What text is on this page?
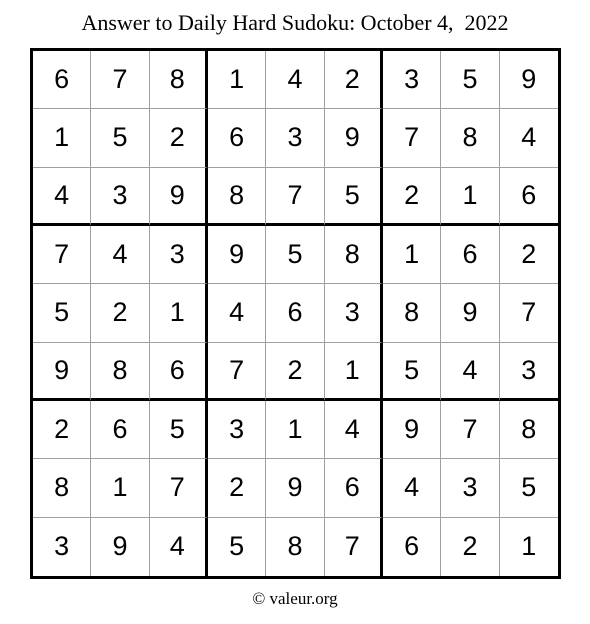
Answer to Daily Hard Sudoku: October 4,  2022
6	7	8	1	4	2	3	5	9
1	5	2	6	3	9	7	8	4
4	3	9	8	7	5	2	1	6
7	4	3	9	5	8	1	6	2
5	2	1	4	6	3	8	9	7
9	8	6	7	2	1	5	4	3
2	6	5	3	1	4	9	7	8
8	1	7	2	9	6	4	3	5
3	9	4	5	8	7	6	2	1
© valeur.org
